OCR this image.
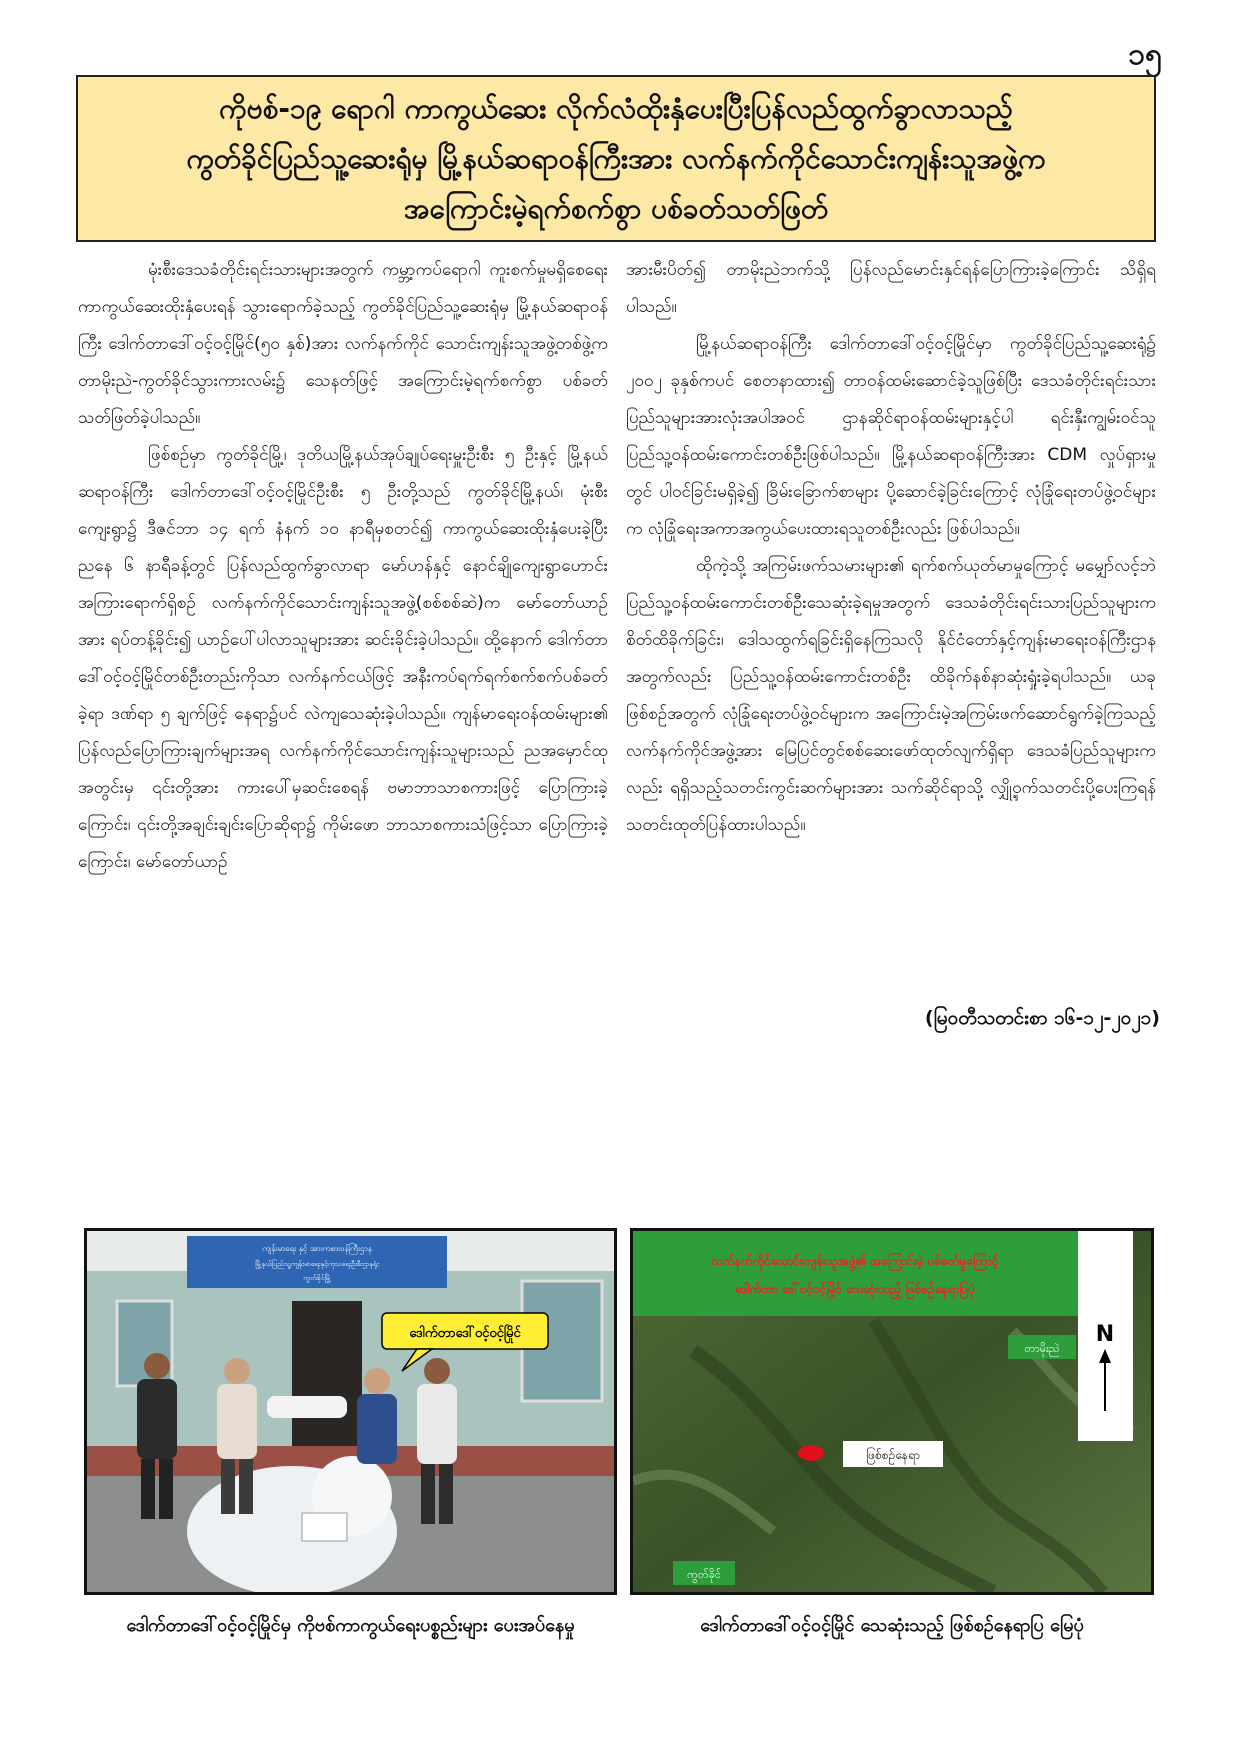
၁၅
ကိုဗစ်-၁၉ ရောဂါ ကာကွယ်ဆေး လိုက်လံထိုးနှံပေးပြီးပြန်လည်ထွက်ခွာလာသည့်
ကွတ်ခိုင်ပြည်သူ့ဆေးရုံမှ မြို့နယ်ဆရာဝန်ကြီးအား လက်နက်ကိုင်သောင်းကျန်းသူအဖွဲ့က
အကြောင်းမဲ့ရက်စက်စွာ ပစ်ခတ်သတ်ဖြတ်

မုံးစီးဒေသခံတိုင်းရင်းသားများအတွက် ကမ္ဘာ့ကပ်ရောဂါ ကူးစက်မှုမရှိစေရေး ကာကွယ်ဆေးထိုးနှံပေးရန် သွားရောက်ခဲ့သည့် ကွတ်ခိုင်ပြည်သူ့ဆေးရုံမှ မြို့နယ်ဆရာဝန်ကြီး ဒေါက်တာဒေါ်ဝင့်ဝင့်မြိုင်(၅၀ နှစ်)အား လက်နက်ကိုင် သောင်းကျန်းသူအဖွဲ့တစ်ဖွဲ့က တာမိုးညဲ-ကွတ်ခိုင်သွားကားလမ်း၌ သေနတ်ဖြင့် အကြောင်းမဲ့ရက်စက်စွာ ပစ်ခတ်သတ်ဖြတ်ခဲ့ပါသည်။

ဖြစ်စဉ်မှာ ကွတ်ခိုင်မြို့၊ ဒုတိယမြို့နယ်အုပ်ချုပ်ရေးမှူးဦးစီး ၅ ဦးနှင့် မြို့နယ်ဆရာဝန်ကြီး ဒေါက်တာဒေါ်ဝင့်ဝင့်မြိုင်ဦးစီး ၅ ဦးတို့သည် ကွတ်ခိုင်မြို့နယ်၊ မုံးစီးကျေးရွာ၌ ဒီဇင်ဘာ ၁၄ ရက် နံနက် ၁၀ နာရီမှစတင်၍ ကာကွယ်ဆေးထိုးနှံပေးခဲ့ပြီး ညနေ ၆ နာရီခန့်တွင် ပြန်လည်ထွက်ခွာလာရာ မော်ဟန်နှင့် နောင်ချိုကျေးရွာဟောင်း အကြားရောက်ရှိစဉ် လက်နက်ကိုင်သောင်းကျန်းသူအဖွဲ့(စစ်စစ်ဆဲ)က မော်တော်ယာဉ်အား ရပ်တန့်ခိုင်း၍ ယာဉ်ပေါ်ပါလာသူများအား ဆင်းခိုင်းခဲ့ပါသည်။ ထို့နောက် ဒေါက်တာဒေါ်ဝင့်ဝင့်မြိုင်တစ်ဦးတည်းကိုသာ လက်နက်ငယ်ဖြင့် အနီးကပ်ရက်ရက်စက်စက်ပစ်ခတ်ခဲ့ရာ ဒဏ်ရာ ၅ ချက်ဖြင့် နေရာ၌ပင် လဲကျသေဆုံးခဲ့ပါသည်။ ကျန်မာရေးဝန်ထမ်းများ၏ ပြန်လည်ပြောကြားချက်များအရ လက်နက်ကိုင်သောင်းကျန်းသူများသည် ညအမှောင်ထုအတွင်းမှ ၎င်းတို့အား ကားပေါ်မှဆင်းစေရန် ဗမာဘာသာစကားဖြင့် ပြောကြားခဲ့ကြောင်း၊ ၎င်းတို့အချင်းချင်းပြောဆိုရာ၌ ကိုမ်းဖော ဘာသာစကားသံဖြင့်သာ ပြောကြားခဲ့ကြောင်း၊ မော်တော်ယာဉ်

အားမီးပိတ်၍ တာမိုးညဲဘက်သို့ ပြန်လည်မောင်းနှင်ရန်ပြောကြားခဲ့ကြောင်း သိရှိရပါသည်။

မြို့နယ်ဆရာဝန်ကြီး ဒေါက်တာဒေါ်ဝင့်ဝင့်မြိုင်မှာ ကွတ်ခိုင်ပြည်သူ့ဆေးရုံ၌ ၂၀၀၂ ခုနှစ်ကပင် စေတနာထား၍ တာဝန်ထမ်းဆောင်ခဲ့သူဖြစ်ပြီး ဒေသခံတိုင်းရင်းသားပြည်သူများအားလုံးအပါအဝင် ဌာနဆိုင်ရာဝန်ထမ်းများနှင့်ပါ ရင်းနှီးကျွမ်းဝင်သူ ပြည်သူ့ဝန်ထမ်းကောင်းတစ်ဦးဖြစ်ပါသည်။ မြို့နယ်ဆရာဝန်ကြီးအား CDM လှုပ်ရှားမှုတွင် ပါဝင်ခြင်းမရှိခဲ့၍ ခြိမ်းခြောက်စာများ ပို့ဆောင်ခဲ့ခြင်းကြောင့် လုံခြုံရေးတပ်ဖွဲ့ဝင်များက လုံခြုံရေးအကာအကွယ်ပေးထားရသူတစ်ဦးလည်း ဖြစ်ပါသည်။

ထိုကဲ့သို့ အကြမ်းဖက်သမားများ၏ ရက်စက်ယုတ်မာမှုကြောင့် မမျှော်လင့်ဘဲ ပြည်သူ့ဝန်ထမ်းကောင်းတစ်ဦးသေဆုံးခဲ့ရမှုအတွက် ဒေသခံတိုင်းရင်းသားပြည်သူများက စိတ်ထိခိုက်ခြင်း၊ ဒေါသထွက်ရခြင်းရှိနေကြသလို နိုင်ငံတော်နှင့်ကျန်းမာရေးဝန်ကြီးဌာနအတွက်လည်း ပြည်သူ့ဝန်ထမ်းကောင်းတစ်ဦး ထိခိုက်နစ်နာဆုံးရှုံးခဲ့ရပါသည်။ ယခုဖြစ်စဉ်အတွက် လုံခြုံရေးတပ်ဖွဲ့ဝင်များက အကြောင်းမဲ့အကြမ်းဖက်ဆောင်ရွက်ခဲ့ကြသည့် လက်နက်ကိုင်အဖွဲ့အား မြေပြင်တွင်စစ်ဆေးဖော်ထုတ်လျက်ရှိရာ ဒေသခံပြည်သူများကလည်း ရရှိသည့်သတင်းကွင်းဆက်များအား သက်ဆိုင်ရာသို့ လျှို့ဝှက်သတင်းပို့ပေးကြရန် သတင်းထုတ်ပြန်ထားပါသည်။

(မြဝတီသတင်းစာ ၁၆-၁၂-၂၀၂၁)
ကျန်းမာရေး နှင့် အားကစားဝန်ကြီးဌာန
မြို့နယ်ပြည်သူ့ကျန်းမာရေးနှင့်ကုသရေးဦးစီးဌာနရုံး
ကွတ်ခိုင်မြို့
ဒေါက်တာဒေါ်ဝင့်ဝင့်မြိုင်
လက်နက်ကိုင်သောင်းကျန်းသူအဖွဲ့၏ အကြောင်းမဲ့ ပစ်ခတ်မှုကြောင့်
ဒေါက်တာ ဒေါ်ဝင့်ဝင့်မြိုင် သေဆုံးသည့် ဖြစ်စဉ်နေရာပြပုံ
N
တာမိုးညဲ
ဖြစ်စဉ်နေရာ
ကွတ်ခိုင်
ဒေါက်တာဒေါ်ဝင့်ဝင့်မြိုင်မှ ကိုဗစ်ကာကွယ်ရေးပစ္စည်းများ ပေးအပ်နေမှု	ဒေါက်တာဒေါ်ဝင့်ဝင့်မြိုင် သေဆုံးသည့် ဖြစ်စဉ်နေရာပြ မြေပုံ
